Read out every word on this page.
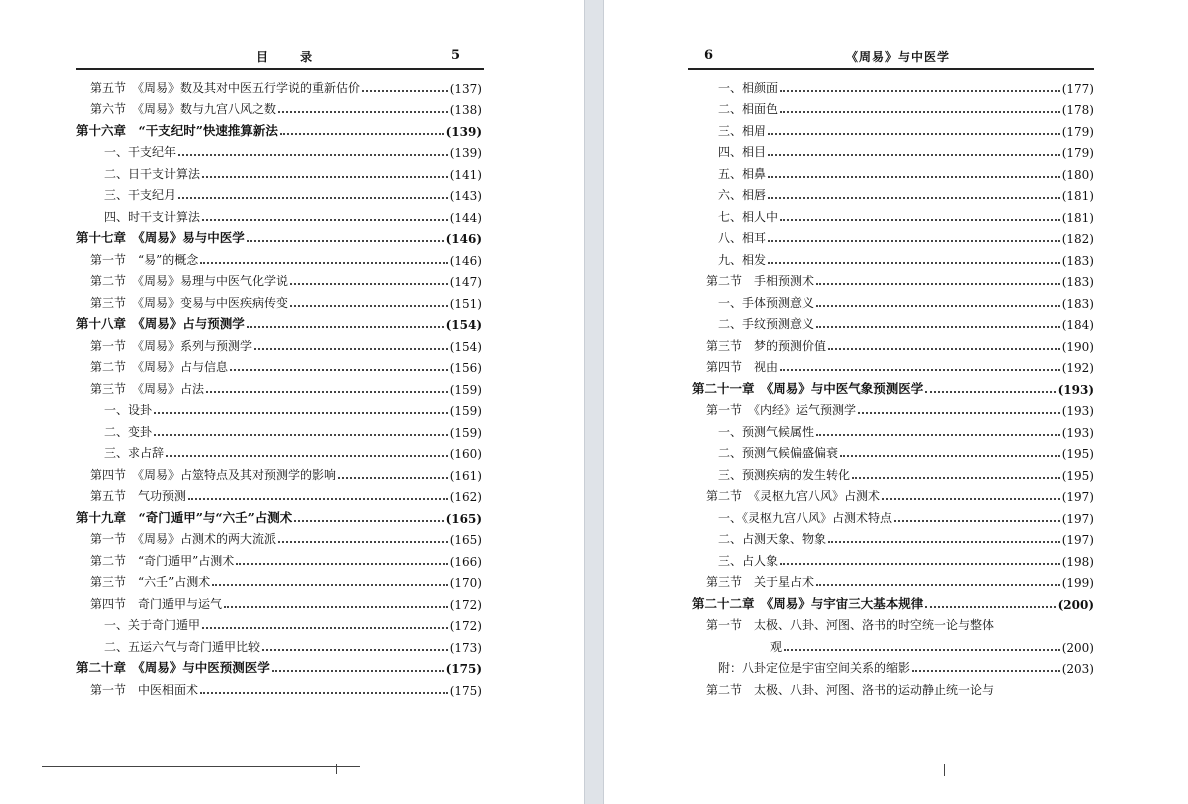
目 录	5
第五节　《周易》数及其对中医五行学说的重新估价	(137)
第六节　《周易》数与九宫八风之数	(138)
第十六章　“干支纪时”快速推算新法	(139)
一、干支纪年	(139)
二、日干支计算法	(141)
三、干支纪月	(143)
四、时干支计算法	(144)
第十七章　《周易》易与中医学	(146)
第一节　“易”的概念	(146)
第二节　《周易》易理与中医气化学说	(147)
第三节　《周易》变易与中医疾病传变	(151)
第十八章　《周易》占与预测学	(154)
第一节　《周易》系列与预测学	(154)
第二节　《周易》占与信息	(156)
第三节　《周易》占法	(159)
一、设卦	(159)
二、变卦	(159)
三、求占辞	(160)
第四节　《周易》占筮特点及其对预测学的影响	(161)
第五节　气功预测	(162)
第十九章　“奇门遁甲”与“六壬”占测术	(165)
第一节　《周易》占测术的两大流派	(165)
第二节　“奇门遁甲”占测术	(166)
第三节　“六壬”占测术	(170)
第四节　奇门遁甲与运气	(172)
一、关于奇门遁甲	(172)
二、五运六气与奇门遁甲比较	(173)
第二十章　《周易》与中医预测医学	(175)
第一节　中医相面术	(175)
6	《周易》与中医学
一、相颜面	(177)
二、相面色	(178)
三、相眉	(179)
四、相目	(179)
五、相鼻	(180)
六、相唇	(181)
七、相人中	(181)
八、相耳	(182)
九、相发	(183)
第二节　手相预测术	(183)
一、手体预测意义	(183)
二、手纹预测意义	(184)
第三节　梦的预测价值	(190)
第四节　视由	(192)
第二十一章　《周易》与中医气象预测医学	(193)
第一节　《内经》运气预测学	(193)
一、预测气候属性	(193)
二、预测气候偏盛偏衰	(195)
三、预测疾病的发生转化	(195)
第二节　《灵枢九宫八风》占测术	(197)
一、《灵枢九宫八风》占测术特点	(197)
二、占测天象、物象	(197)
三、占人象	(198)
第三节　关于星占术	(199)
第二十二章　《周易》与宇宙三大基本规律	(200)
第一节　太极、八卦、河图、洛书的时空统一论与整体
观	(200)
附：八卦定位是宇宙空间关系的缩影	(203)
第二节　太极、八卦、河图、洛书的运动静止统一论与
